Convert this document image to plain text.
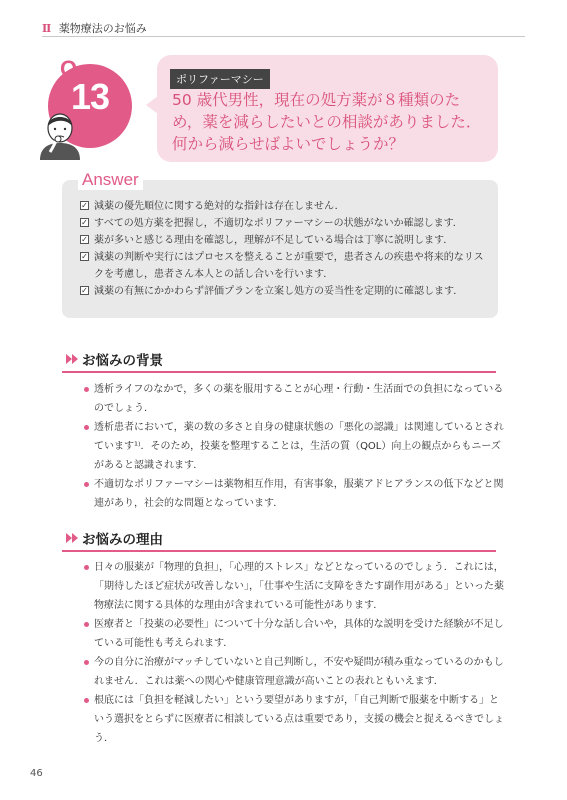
Ⅱ 薬物療法のお悩み
Q
13	ポリファーマシー
50 歳代男性，現在の処方薬が８種類のため，薬を減らしたいとの相談がありました．何から減らせばよいでしょうか？
Answer
✓ 減薬の優先順位に関する絶対的な指針は存在しません．
✓ すべての処方薬を把握し，不適切なポリファーマシーの状態がないか確認します．
✓ 薬が多いと感じる理由を確認し，理解が不足している場合は丁寧に説明します．
✓ 減薬の判断や実行にはプロセスを整えることが重要で，患者さんの疾患や将来的なリスクを考慮し，患者さん本人との話し合いを行います．
✓ 減薬の有無にかかわらず評価プランを立案し処方の妥当性を定期的に確認します．
お悩みの背景
透析ライフのなかで，多くの薬を服用することが心理・行動・生活面での負担になっているのでしょう．
透析患者において，薬の数の多さと自身の健康状態の「悪化の認識」は関連しているとされています¹⁾．そのため，投薬を整理することは，生活の質（QOL）向上の観点からもニーズがあると認識されます．
不適切なポリファーマシーは薬物相互作用，有害事象，服薬アドヒアランスの低下などと関連があり，社会的な問題となっています．
お悩みの理由
日々の服薬が「物理的負担」，「心理的ストレス」などとなっているのでしょう．これには，「期待したほど症状が改善しない」，「仕事や生活に支障をきたす副作用がある」といった薬物療法に関する具体的な理由が含まれている可能性があります．
医療者と「投薬の必要性」について十分な話し合いや，具体的な説明を受けた経験が不足している可能性も考えられます．
今の自分に治療がマッチしていないと自己判断し，不安や疑問が積み重なっているのかもしれません．これは薬への関心や健康管理意識が高いことの表れともいえます．
根底には「負担を軽減したい」という要望がありますが，「自己判断で服薬を中断する」という選択をとらずに医療者に相談している点は重要であり，支援の機会と捉えるべきでしょう．
46
